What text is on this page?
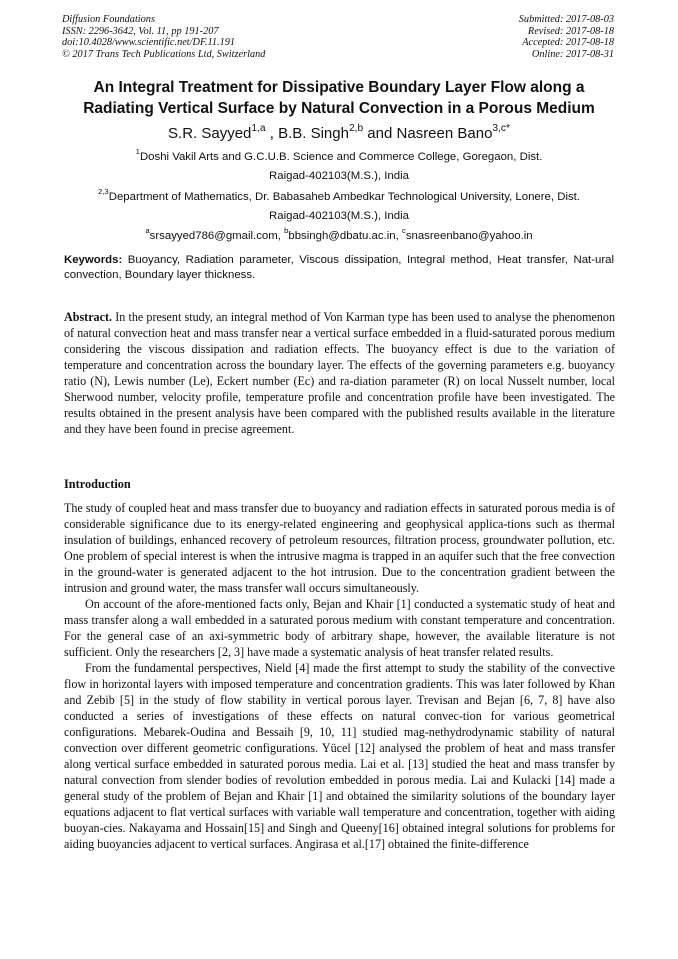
Diffusion Foundations
ISSN: 2296-3642, Vol. 11, pp 191-207
doi:10.4028/www.scientific.net/DF.11.191
© 2017 Trans Tech Publications Ltd, Switzerland
Submitted: 2017-08-03
Revised: 2017-08-18
Accepted: 2017-08-18
Online: 2017-08-31
An Integral Treatment for Dissipative Boundary Layer Flow along a
Radiating Vertical Surface by Natural Convection in a Porous Medium
S.R. Sayyed$^{1,a}$ , B.B. Singh$^{2,b}$ and Nasreen Bano$^{3,c*}$
$^1$Doshi Vakil Arts and G.C.U.B. Science and Commerce College, Goregaon, Dist.
Raigad-402103(M.S.), India
$^{2,3}$Department of Mathematics, Dr. Babasaheb Ambedkar Technological University, Lonere, Dist.
Raigad-402103(M.S.), India
$^a$srsayyed786@gmail.com, $^b$bbsingh@dbatu.ac.in, $^c$snasreenbano@yahoo.in
Keywords: Buoyancy, Radiation parameter, Viscous dissipation, Integral method, Heat transfer, Nat-ural convection, Boundary layer thickness.
Abstract. In the present study, an integral method of Von Karman type has been used to analyse the phenomenon of natural convection heat and mass transfer near a vertical surface embedded in a fluid-saturated porous medium considering the viscous dissipation and radiation effects. The buoyancy effect is due to the variation of temperature and concentration across the boundary layer. The effects of the governing parameters e.g. buoyancy ratio (N), Lewis number (Le), Eckert number (Ec) and ra-diation parameter (R) on local Nusselt number, local Sherwood number, velocity profile, temperature profile and concentration profile have been investigated. The results obtained in the present analysis have been compared with the published results available in the literature and they have been found in precise agreement.
Introduction

The study of coupled heat and mass transfer due to buoyancy and radiation effects in saturated porous media is of considerable significance due to its energy-related engineering and geophysical applica-tions such as thermal insulation of buildings, enhanced recovery of petroleum resources, filtration process, groundwater pollution, etc. One problem of special interest is when the intrusive magma is trapped in an aquifer such that the free convection in the ground-water is generated adjacent to the hot intrusion. Due to the concentration gradient between the intrusion and ground water, the mass transfer wall occurs simultaneously.

On account of the afore-mentioned facts only, Bejan and Khair [1] conducted a systematic study of heat and mass transfer along a wall embedded in a saturated porous medium with constant temperature and concentration. For the general case of an axi-symmetric body of arbitrary shape, however, the available literature is not sufficient. Only the researchers [2, 3] have made a systematic analysis of heat transfer related results.

From the fundamental perspectives, Nield [4] made the first attempt to study the stability of the convective flow in horizontal layers with imposed temperature and concentration gradients. This was later followed by Khan and Zebib [5] in the study of flow stability in vertical porous layer. Trevisan and Bejan [6, 7, 8] have also conducted a series of investigations of these effects on natural convec-tion for various geometrical configurations. Mebarek-Oudina and Bessaih [9, 10, 11] studied mag-nethydrodynamic stability of natural convection over different geometric configurations. Yücel [12] analysed the problem of heat and mass transfer along vertical surface embedded in saturated porous media. Lai et al. [13] studied the heat and mass transfer by natural convection from slender bodies of revolution embedded in porous media. Lai and Kulacki [14] made a general study of the problem of Bejan and Khair [1] and obtained the similarity solutions of the boundary layer equations adjacent to flat vertical surfaces with variable wall temperature and concentration, together with aiding buoyan-cies. Nakayama and Hossain[15] and Singh and Queeny[16] obtained integral solutions for problems for aiding buoyancies adjacent to vertical surfaces. Angirasa et al.[17] obtained the finite-difference
